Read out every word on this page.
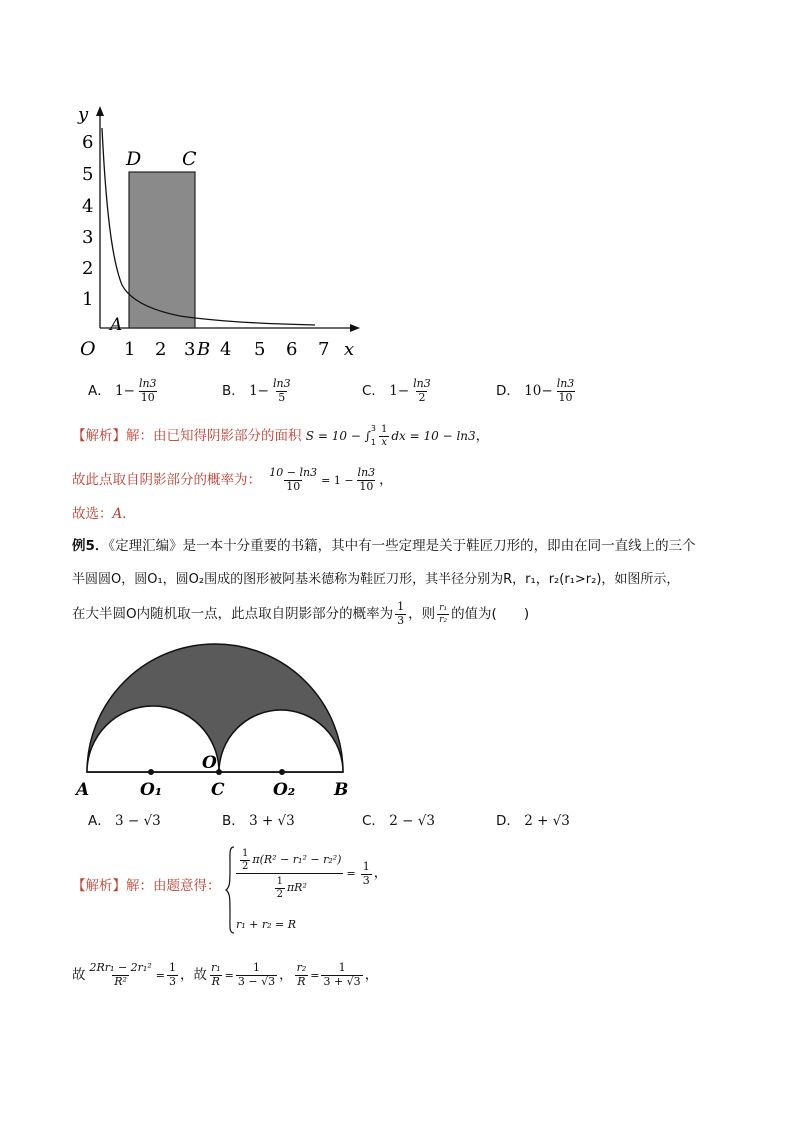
1
2
3
4
5
6
y
O 1 2 3 4 5 6 7 x
A
B
C
D
A． $1- \frac{\ln 3}{10}$	B． $1- \frac{\ln 3}{5}$	C． $1- \frac{\ln 3}{2}$	D． $10- \frac{\ln 3}{10}$
【解析】解：由已知得阴影部分的面积 S = 10 − ∫
3
$1 \frac{1}{x}$ dx = 10 − ln3，
故此点取自阴影部分的概率为： $\frac{10 - \ln 3}{10} = 1 - \frac{\ln 3}{10}$ ，
故选：A．
例5．《定理汇编》是一本十分重要的书籍，其中有一些定理是关于鞋匠刀形的，即由在同一直线上的三个
半圆圆O，圆O₁，圆O₂围成的图形被阿基米德称为鞋匠刀形，其半径分别为R，r₁，r₂(r₁>r₂)，如图所示，
在大半圆O内随机取一点，此点取自阴影部分的概率为 $\frac{1}{3}$ ，则 $\frac{\text{r₁}}{\text{r₂}}$ 的值为(　　)
A	O₁	C
O
O₂ B
A． 3 − √3	B． 3 + √3	C． 2 − √3	D． 2 + √3
【解析】解：由题意得： $\frac{\frac{1}{2} \pi(R^2 - r_1^2 - r_2^2)}{\frac{1}{2} \pi R^2} = \frac{1}{3}$ ，
r₁ + r₂ = R
故 $\frac{\text{2Rr₁ − 2r₁²}}{\text{R²}} = \frac{1}{3}$ ，故 $\frac{\text{r₁}}{R} = \frac{1}{3 - √3}$ ， $\frac{\text{r₂}}{R} = \frac{1}{3 + √3}$ ，
